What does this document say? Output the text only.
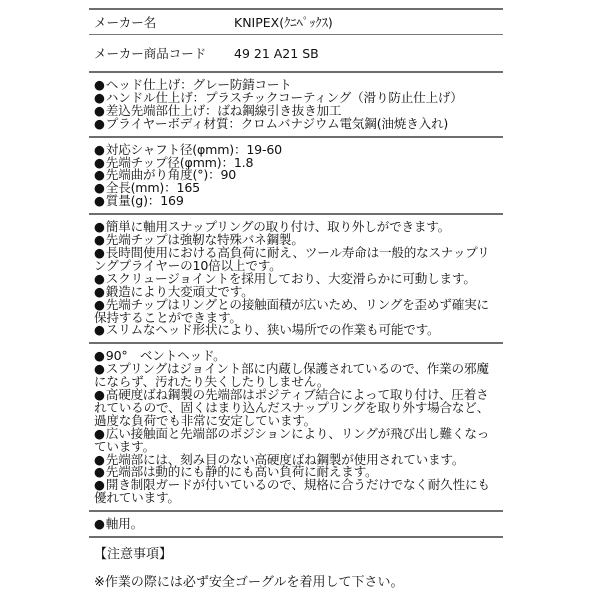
メーカー名	KNIPEX(ｸﾆﾍﾟｯｸｽ)
メーカー商品コード	49 21 A21 SB

● ヘッド仕上げ：グレー防錆コート

● ハンドル仕上げ：プラスチックコーティング（滑り防止仕上げ）

● 差込先端部仕上げ：ばね鋼線引き抜き加工

● プライヤーボディ材質：クロムバナジウム電気鋼(油焼き入れ)

● 対応シャフト径(φmm)：19-60

● 先端チップ径(φmm)：1.8

● 先端曲がり角度(°)：90

● 全長(mm)：165

● 質量(g)：169

● 簡単に軸用スナップリングの取り付け、取り外しができます。

● 先端チップは強靭な特殊バネ鋼製。

● 長時間使用における高負荷に耐え、ツール寿命は一般的なスナップリングプライヤーの10倍以上です。

● スクリュージョイントを採用しており、大変滑らかに可動します。

● 鍛造により大変頑丈です。

● 先端チップはリングとの接触面積が広いため、リングを歪めず確実に保持することができます。

● スリムなヘッド形状により、狭い場所での作業も可能です。

● 90°　ベントヘッド。

● スプリングはジョイント部に内蔵し保護されているので、作業の邪魔にならず、汚れたり失くしたりしません。

● 高硬度ばね鋼製の先端部はポジティブ結合によって取り付け、圧着されているので、固くはまり込んだスナップリングを取り外す場合など、過度な負荷でも非常に安定しています。

● 広い接触面と先端部のポジションにより、リングが飛び出し難くなっています。

● 先端部には、刻み目のない高硬度ばね鋼製が使用されています。

● 先端部は動的にも静的にも高い負荷に耐えます。

● 開き制限ガードが付いているので、規格に合うだけでなく耐久性にも優れています。

● 軸用。

【注意事項】
※作業の際には必ず安全ゴーグルを着用して下さい。
